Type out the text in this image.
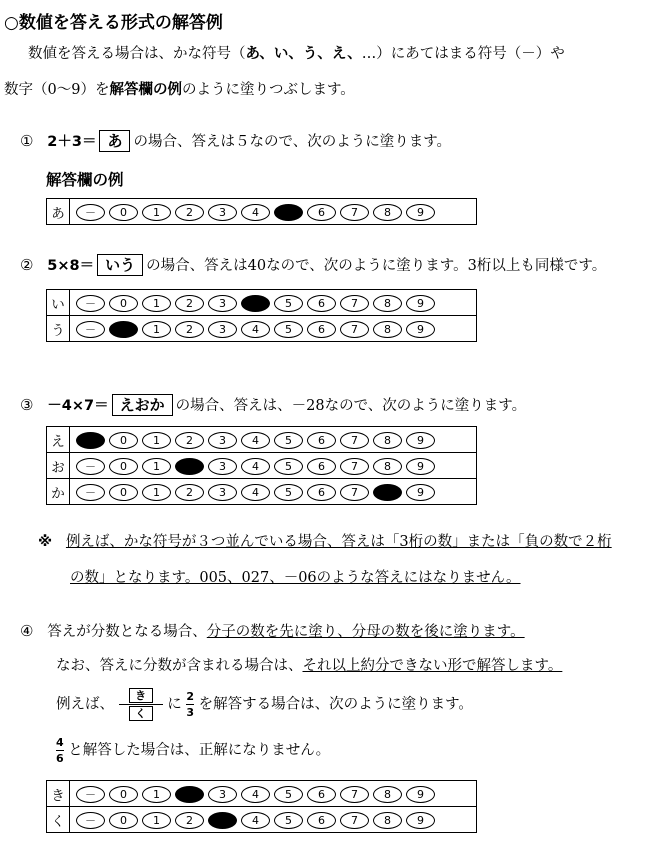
○数値を答える形式の解答例
数値を答える場合は、かな符号（あ、い、う、え、…）にあてはまる符号（－）や
数字（0〜9）を解答欄の例のように塗りつぶします。
① 2＋3＝ あ の場合、答えは５なので、次のように塗ります。
解答欄の例
あ	－ 0 1 2 3 4	6 7 8 9
② 5×8＝ いう の場合、答えは40なので、次のように塗ります。3桁以上も同様です。
い	－ 0 1 2 3 5 6 7 8 9
う	－ 1 2 3 4 5 6 7 8 9
③ －4×7＝ えおか の場合、答えは、－28なので、次のように塗ります。
え	0 1 2 3 4 5 6 7 8 9
お	－ 0 1 3 4 5 6 7 8 9
か	－ 0 1 2 3 4 5 6 7 9
※ 例えば、かな符号が３つ並んでいる場合、答えは「3桁の数」または「負の数で２桁
の数」となります。005、027、－06のような答えにはなりません。
④ 答えが分数となる場合、分子の数を先に塗り、分母の数を後に塗ります。
なお、答えに分数が含まれる場合は、それ以上約分できない形で解答します。
例えば、 $\frac{\text{き}}{\text{く}}$ に $\frac{2}{3}$ を解答する場合は、次のように塗ります。
$\frac{4}{6}$ と解答した場合は、正解になりません。
き	－ 0 1 3 4 5 6 7 8 9
く	－ 0 1 2 4 5 6 7 8 9
